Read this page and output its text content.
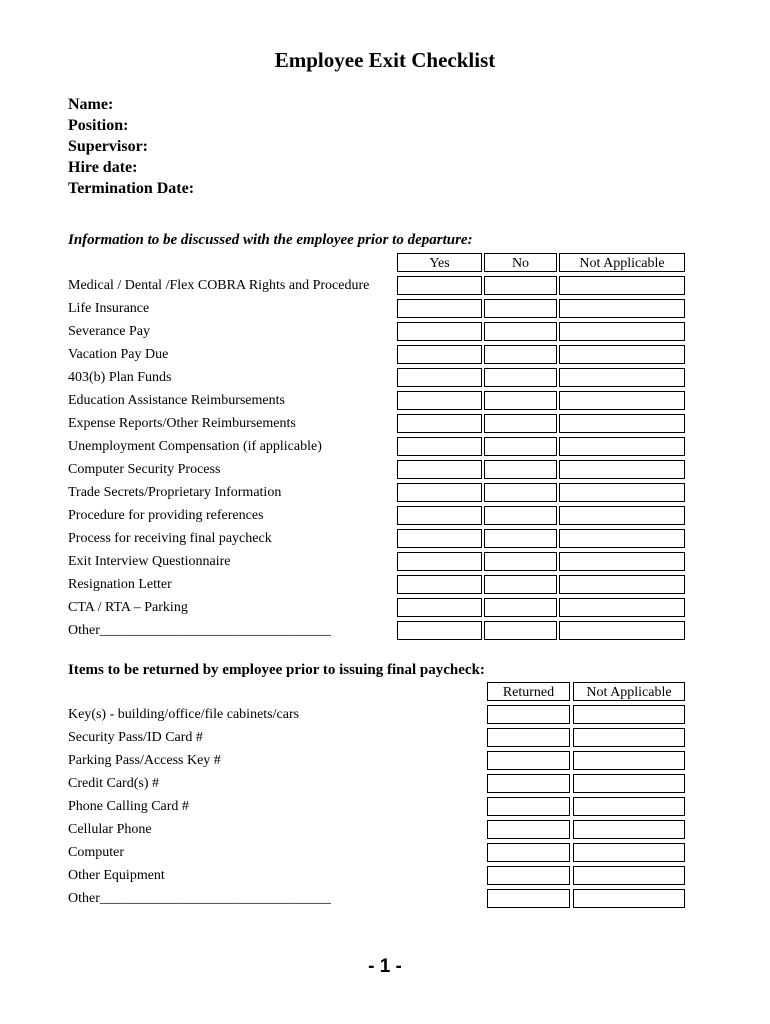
Employee Exit Checklist
Name:
Position:
Supervisor:
Hire date:
Termination Date:
Information to be discussed with the employee prior to departure:
Yes	No	Not Applicable
Medical / Dental /Flex COBRA Rights and Procedure
Life Insurance
Severance Pay
Vacation Pay Due
403(b) Plan Funds
Education Assistance Reimbursements
Expense Reports/Other Reimbursements
Unemployment Compensation (if applicable)
Computer Security Process
Trade Secrets/Proprietary Information
Procedure for providing references
Process for receiving final paycheck
Exit Interview Questionnaire
Resignation Letter
CTA / RTA – Parking
Other_________________________________
Items to be returned by employee prior to issuing final paycheck:
Returned	Not Applicable
Key(s) - building/office/file cabinets/cars
Security Pass/ID Card #
Parking Pass/Access Key #
Credit Card(s) #
Phone Calling Card #
Cellular Phone
Computer
Other Equipment
Other_________________________________
- 1 -
